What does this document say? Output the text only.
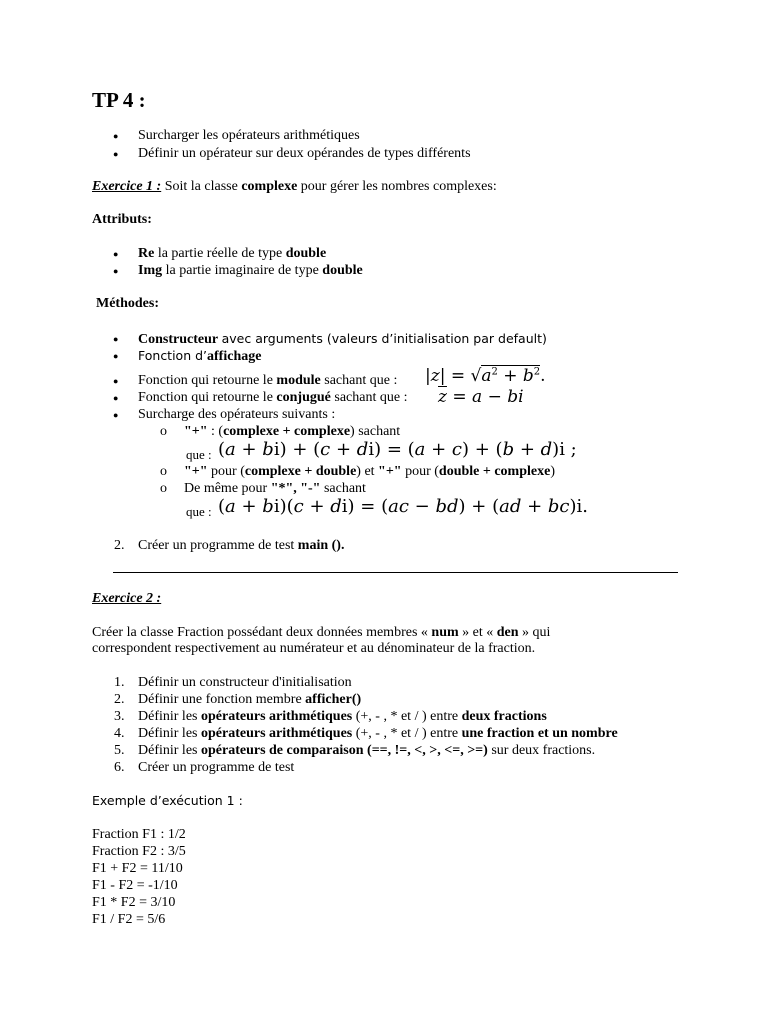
TP 4 :
● Surcharger les opérateurs arithmétiques
● Définir un opérateur sur deux opérandes de types différents
Exercice 1 : Soit la classe complexe pour gérer les nombres complexes:
Attributs:
● Re la partie réelle de type double
● Img la partie imaginaire de type double
Méthodes:
● Constructeur avec arguments (valeurs d’initialisation par default)
● Fonction d’affichage
● Fonction qui retourne le module sachant que : $|z| = √a^2 + b^2$.
● Fonction qui retourne le conjugué sachant que : $\overline{z} = a$ − bi
● Surcharge des opérateurs suivants :
o "+" : (complexe + complexe) sachant
que : (a + bi) + (c + di) = (a + c) + (b + d)i ;
o "+" pour (complexe + double) et "+" pour (double + complexe)
o De même pour "*", "-" sachant
que : (a + bi)(c + di) = (ac − bd) + (ad + bc)i.
2. Créer un programme de test main ().
Exercice 2 :
Créer la classe Fraction possédant deux données membres « num » et « den » qui
correspondent respectivement au numérateur et au dénominateur de la fraction.
1. Définir un constructeur d'initialisation
2. Définir une fonction membre afficher()
3. Définir les opérateurs arithmétiques (+, - , * et / ) entre deux fractions
4. Définir les opérateurs arithmétiques (+, - , * et / ) entre une fraction et un nombre
5. Définir les opérateurs de comparaison (==, !=, <, >, <=, >=) sur deux fractions.
6. Créer un programme de test
Exemple d’exécution 1 :
Fraction F1 : 1/2
Fraction F2 : 3/5
F1 + F2 = 11/10
F1 - F2 = -1/10
F1 * F2 = 3/10
F1 / F2 = 5/6
